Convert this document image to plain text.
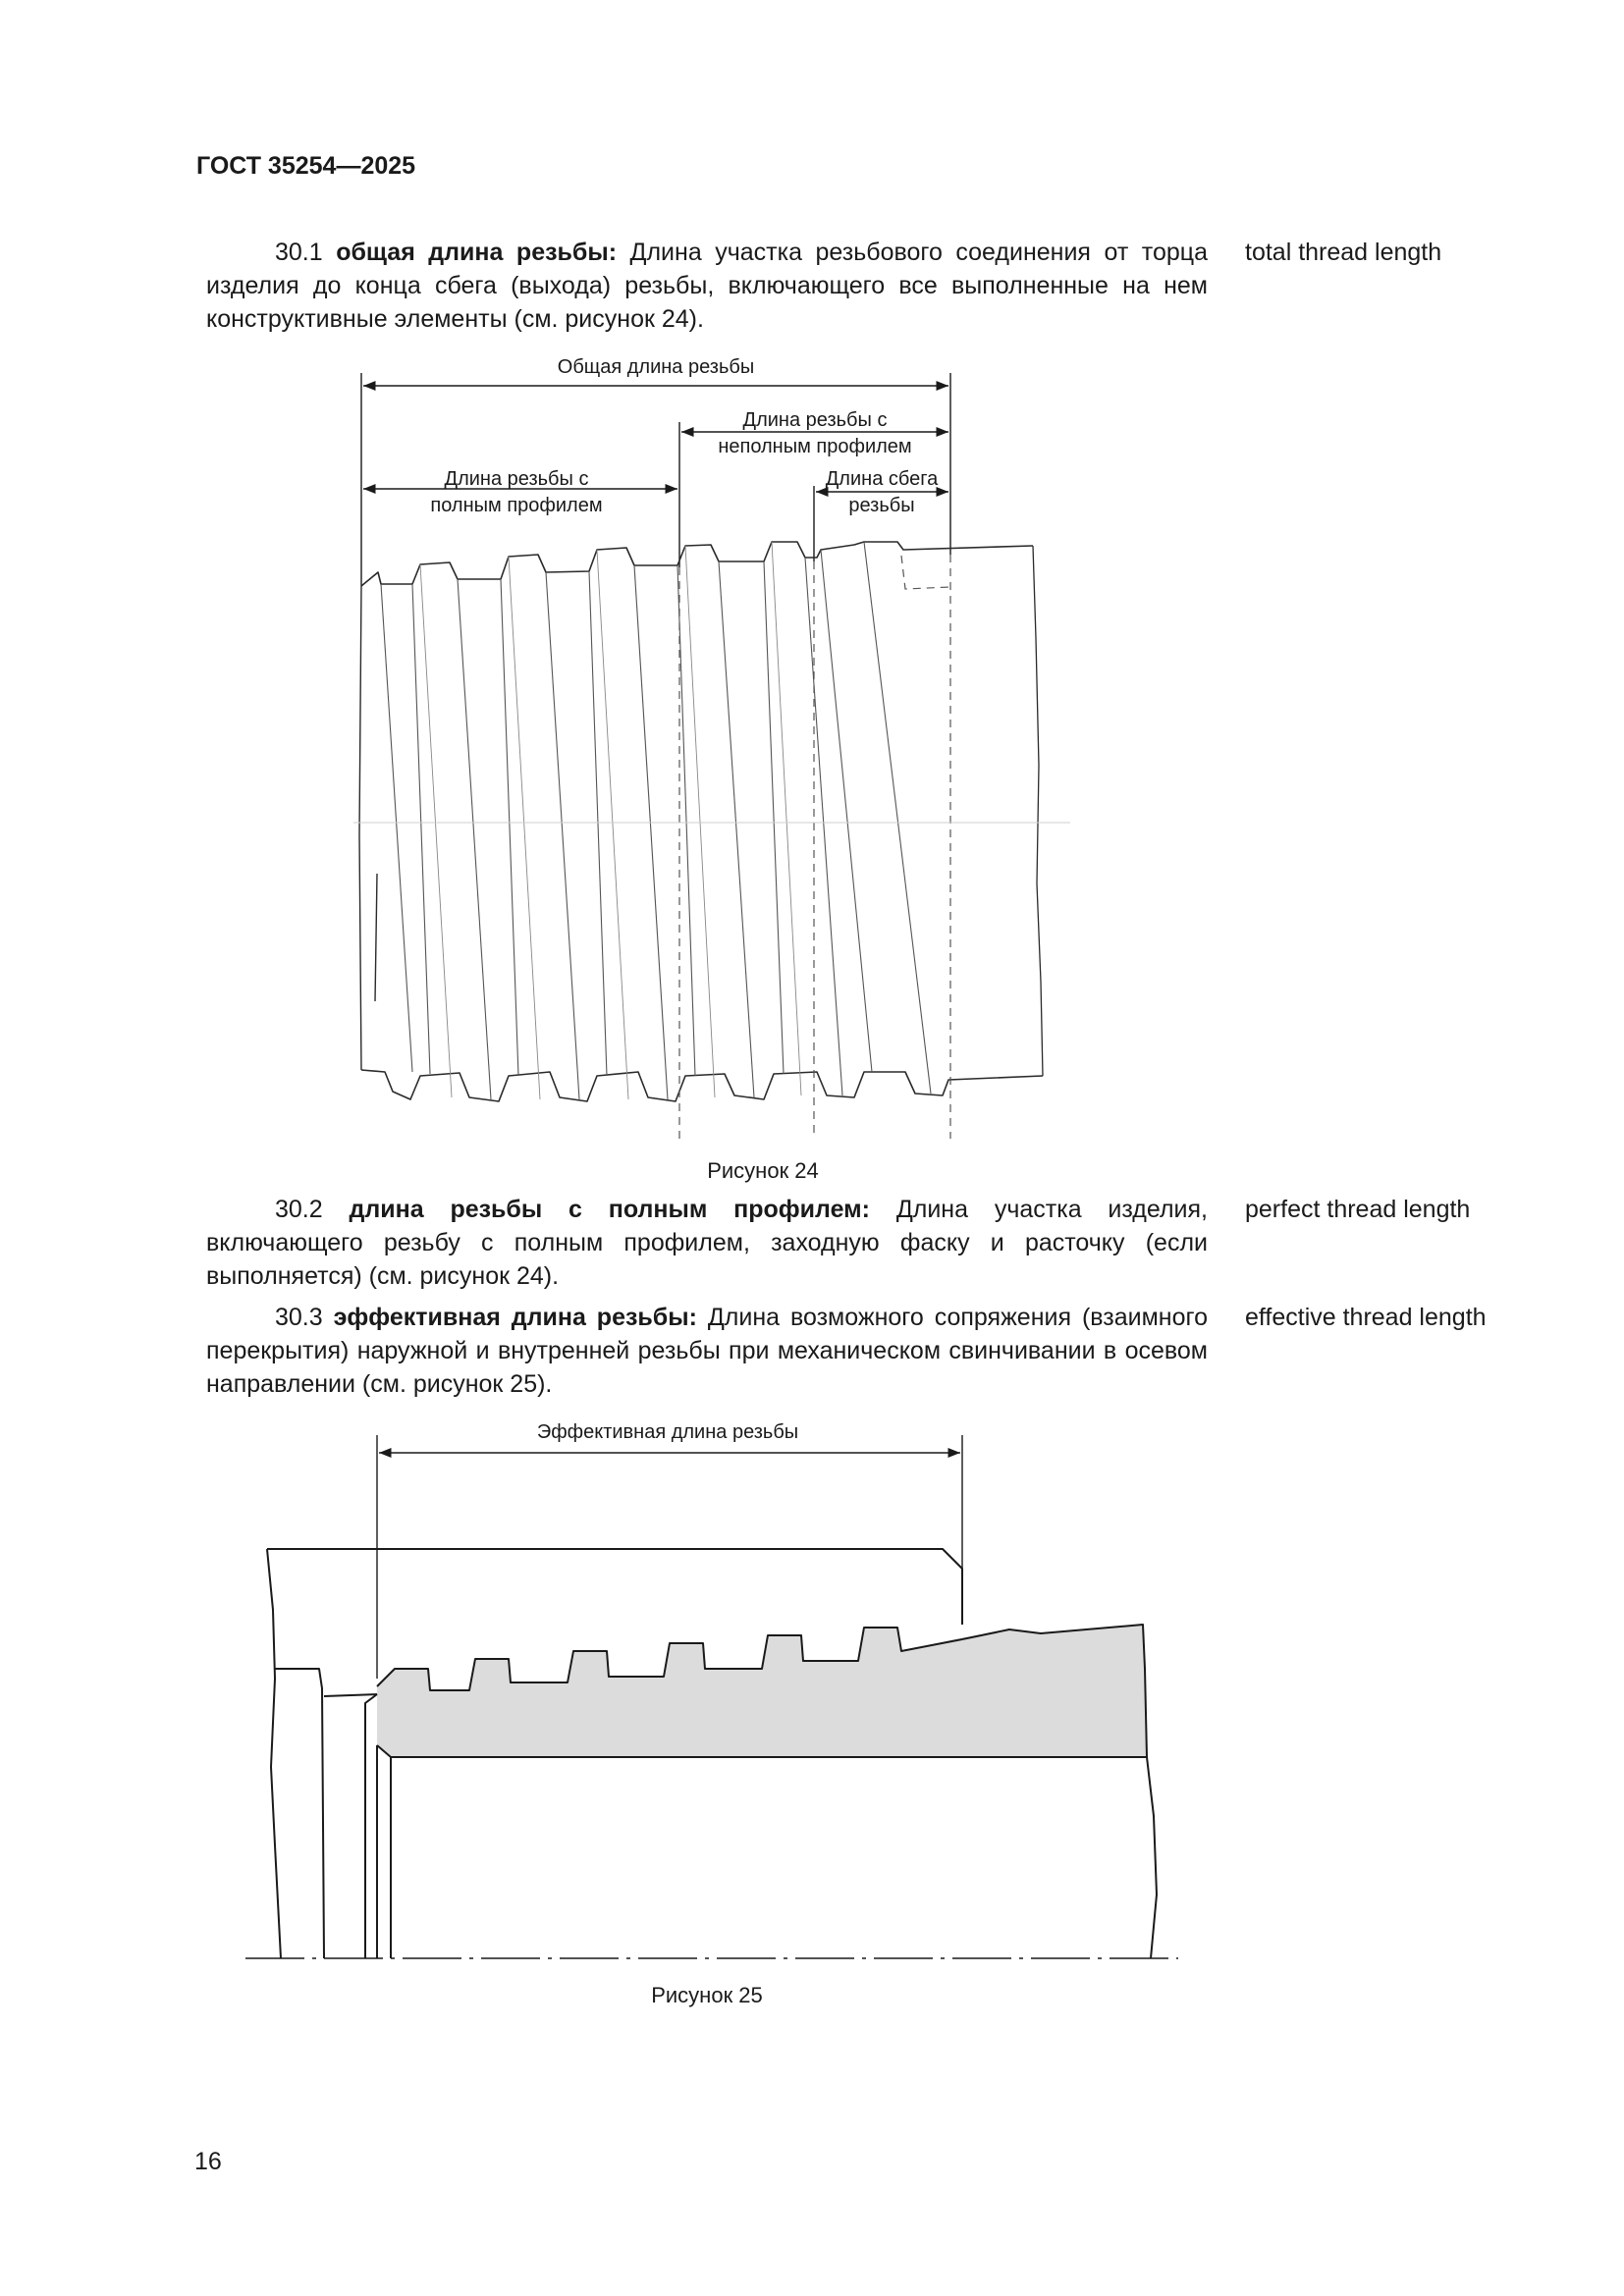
ГОСТ 35254—2025

30.1 общая длина резьбы: Длина участка резьбового соединения от торца изделия до конца сбега (выхода) резьбы, включающего все выполненные на нем конструктивные элементы (см. рисунок 24).

total thread length
Общая длина резьбы
Длина резьбы с
неполным профилем
Длина резьбы с
полным профилем
Длина сбега
резьбы
Рисунок 24

30.2 длина резьбы с полным профилем: Длина участка изделия, включающего резьбу с полным профилем, заходную фаску и расточку (если выполняется) (см. рисунок 24).

perfect thread length

30.3 эффективная длина резьбы: Длина возможного сопряжения (взаимного перекрытия) наружной и внутренней резьбы при механическом свинчивании в осевом направлении (см. рисунок 25).

effective thread length
Эффективная длина резьбы
Рисунок 25
16
